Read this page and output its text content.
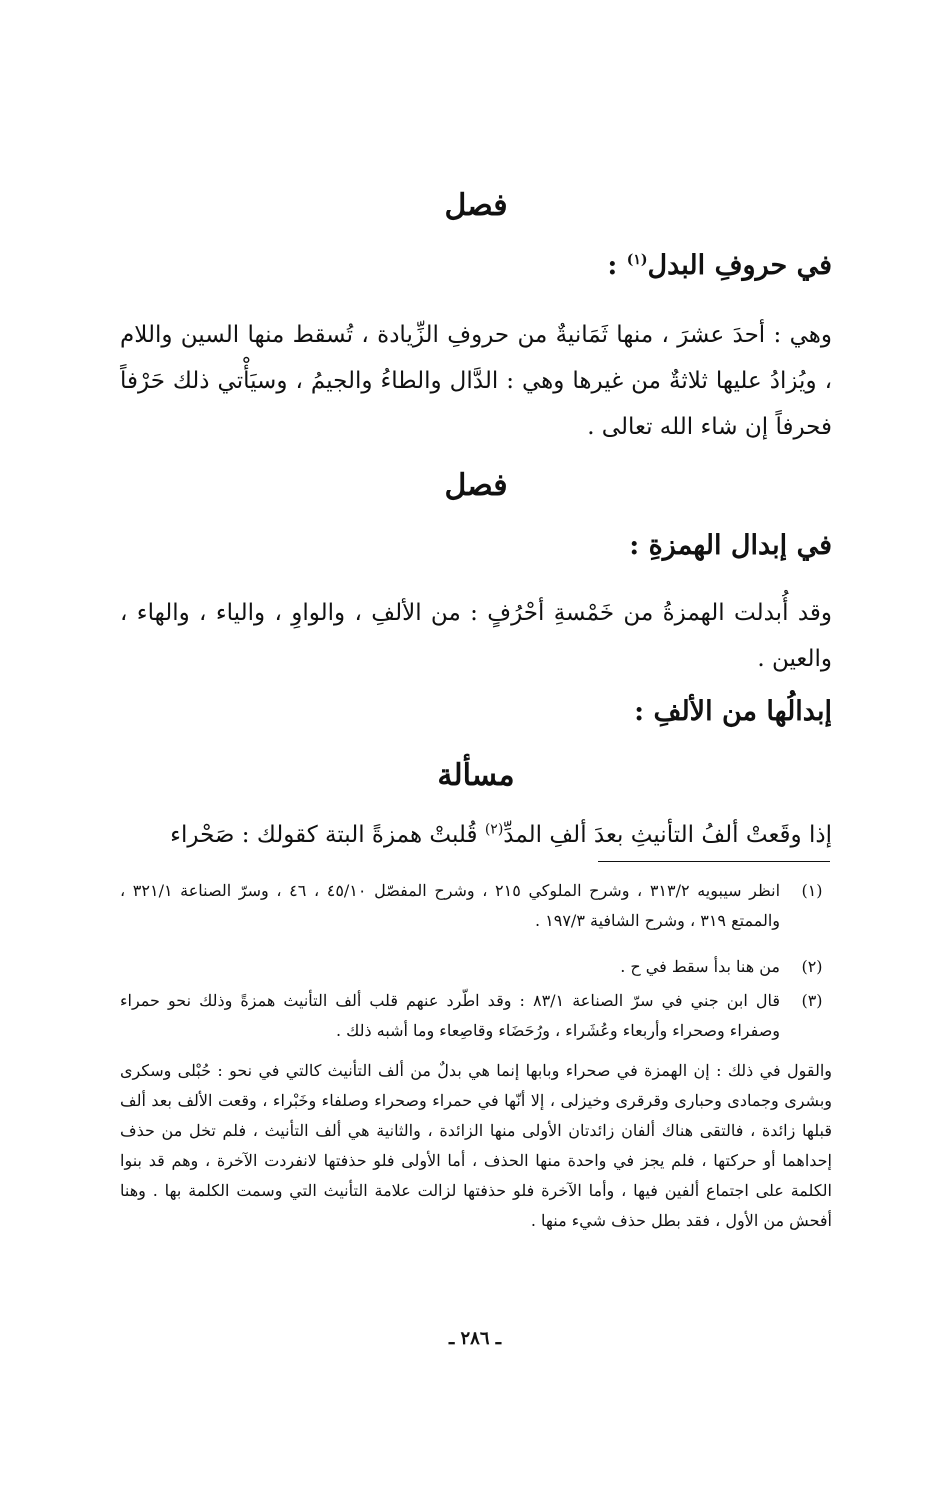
فصل
في حروفِ البدل$^{(١)}$ :

وهي : أحدَ عشرَ ، منها ثَمَانيةٌ من حروفِ الزِّيادة ، تُسقط منها السين واللام ، ويُزادُ عليها ثلاثةٌ من غيرها وهي : الدَّال والطاءُ والجيمُ ، وسيَأْتي ذلك حَرْفاً فحرفاً إن شاء الله تعالى .

فصل
في إبدال الهمزةِ :

وقد أُبدلت الهمزةُ من خَمْسةِ أحْرُفٍ : من الألفِ ، والواوِ ، والياء ، والهاء ، والعين .

إبدالُها من الألفِ :
مسألة

إذا وقَعتْ ألفُ التأنيثِ بعدَ ألفِ المدِّ$^{(٢)}$ قُلبتْ همزةً البتة كقولك : صَحْراء

(١)
انظر سيبويه ٣١٣/٢ ، وشرح الملوكي ٢١٥ ، وشرح المفصّل ٤٥/١٠ ، ٤٦ ، وسرّ الصناعة ٣٢١/١ ، والممتع ٣١٩ ، وشرح الشافية ١٩٧/٣ .
(٢)
من هنا بدأ سقط في ح .
(٣)
قال ابن جني في سرّ الصناعة ٨٣/١ : وقد اطّرد عنهم قلب ألف التأنيث همزةً وذلك نحو حمراء وصفراء وصحراء وأربعاء وعُشَراء ، ورُحَضَاء وقاصِعاء وما أشبه ذلك .
والقول في ذلك : إن الهمزة في صحراء وبابها إنما هي بدلٌ من ألف التأنيث كالتي في نحو : حُبْلى وسكرى وبشرى وجمادى وحبارى وقرقرى وخيزلى ، إلا أنّها في حمراء وصحراء وصلفاء وخَبْراء ، وقعت الألف بعد ألف قبلها زائدة ، فالتقى هناك ألفان زائدتان الأولى منها الزائدة ، والثانية هي ألف التأنيث ، فلم تخل من حذف إحداهما أو حركتها ، فلم يجز في واحدة منها الحذف ، أما الأولى فلو حذفتها لانفردت الآخرة ، وهم قد بنوا الكلمة على اجتماع ألفين فيها ، وأما الآخرة فلو حذفتها لزالت علامة التأنيث التي وسمت الكلمة بها . وهنا أفحش من الأول ، فقد بطل حذف شيء منها .
ـ ٢٨٦ ـ
